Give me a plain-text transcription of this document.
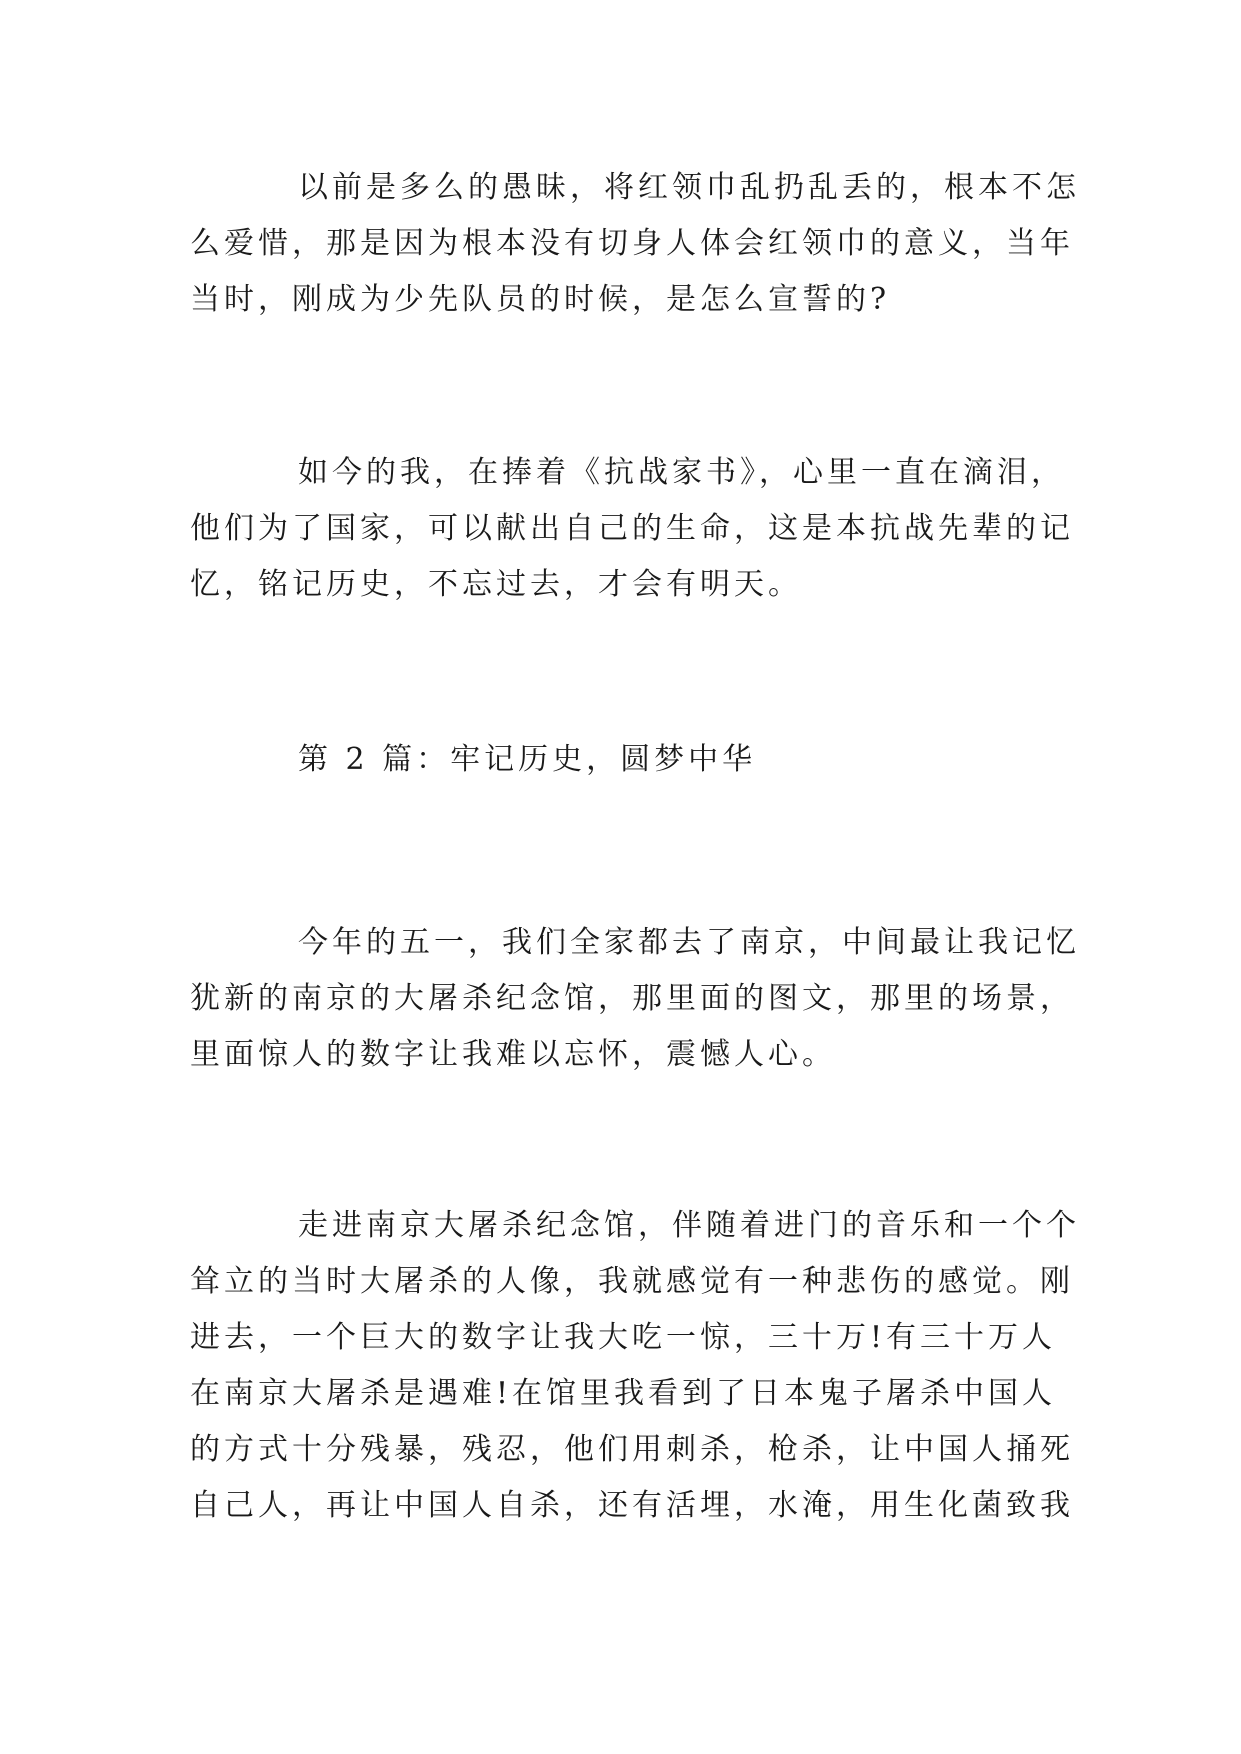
以前是多么的愚昧，将红领巾乱扔乱丢的，根本不怎
么爱惜，那是因为根本没有切身人体会红领巾的意义，当年
当时，刚成为少先队员的时候，是怎么宣誓的?

如今的我，在捧着《抗战家书》，心里一直在滴泪，
他们为了国家，可以献出自己的生命，这是本抗战先辈的记
忆，铭记历史，不忘过去，才会有明天。

第 2 篇：牢记历史，圆梦中华

今年的五一，我们全家都去了南京，中间最让我记忆
犹新的南京的大屠杀纪念馆，那里面的图文，那里的场景，
里面惊人的数字让我难以忘怀，震憾人心。

走进南京大屠杀纪念馆，伴随着进门的音乐和一个个
耸立的当时大屠杀的人像，我就感觉有一种悲伤的感觉。刚
进去，一个巨大的数字让我大吃一惊，三十万!有三十万人
在南京大屠杀是遇难!在馆里我看到了日本鬼子屠杀中国人
的方式十分残暴，残忍，他们用刺杀，枪杀，让中国人捅死
自己人，再让中国人自杀，还有活埋，水淹，用生化菌致我
